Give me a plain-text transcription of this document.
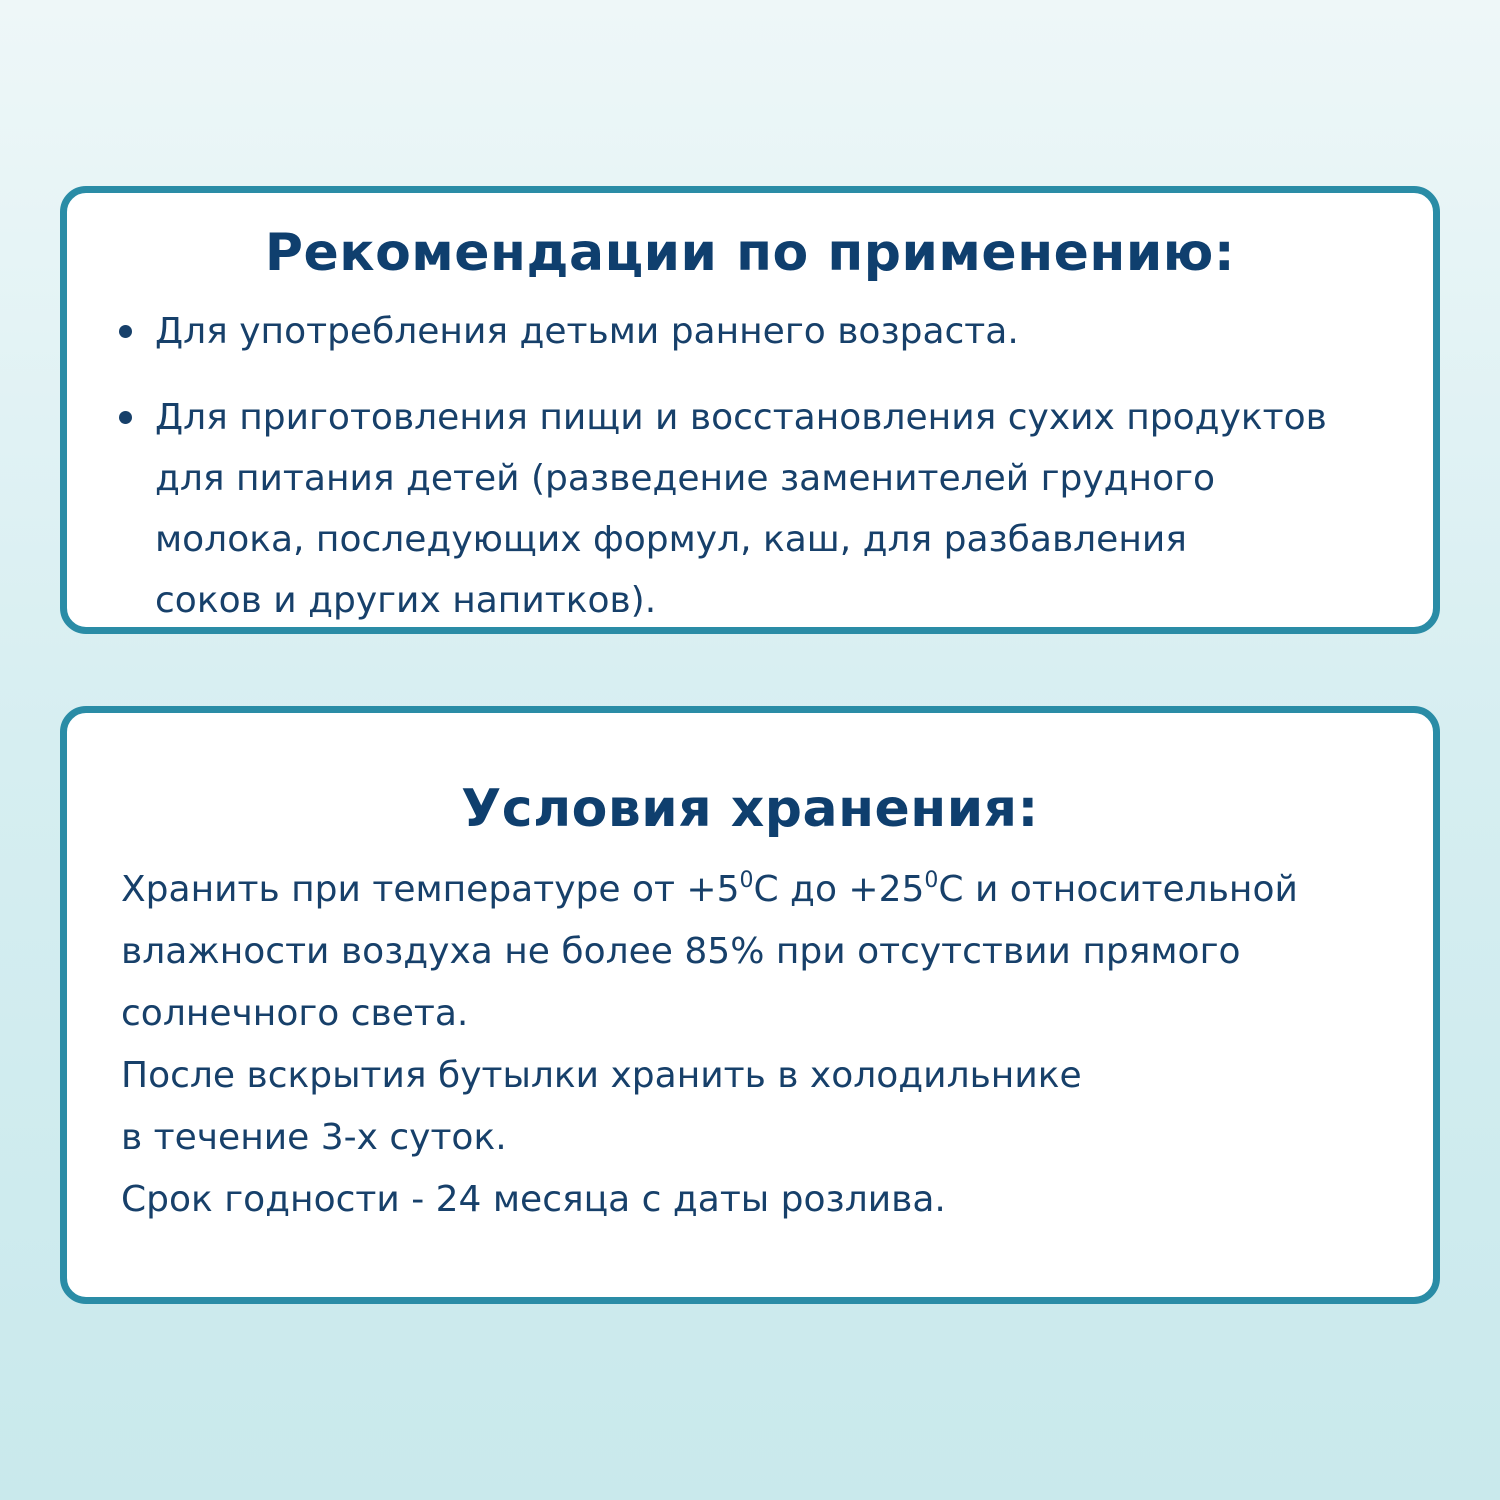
Рекомендации по применению:
Для употребления детьми раннего возраста.
Для приготовления пищи и восстановления сухих продуктов
для питания детей (разведение заменителей грудного
молока, последующих формул, каш, для разбавления
соков и других напитков).
Условия хранения:
Хранить при температуре от $+5^0С$ до $+25^0С$ и относительной
влажности воздуха не более 85% при отсутствии прямого
солнечного света.
После вскрытия бутылки хранить в холодильнике
в течение 3-х суток.
Срок годности - 24 месяца с даты розлива.
